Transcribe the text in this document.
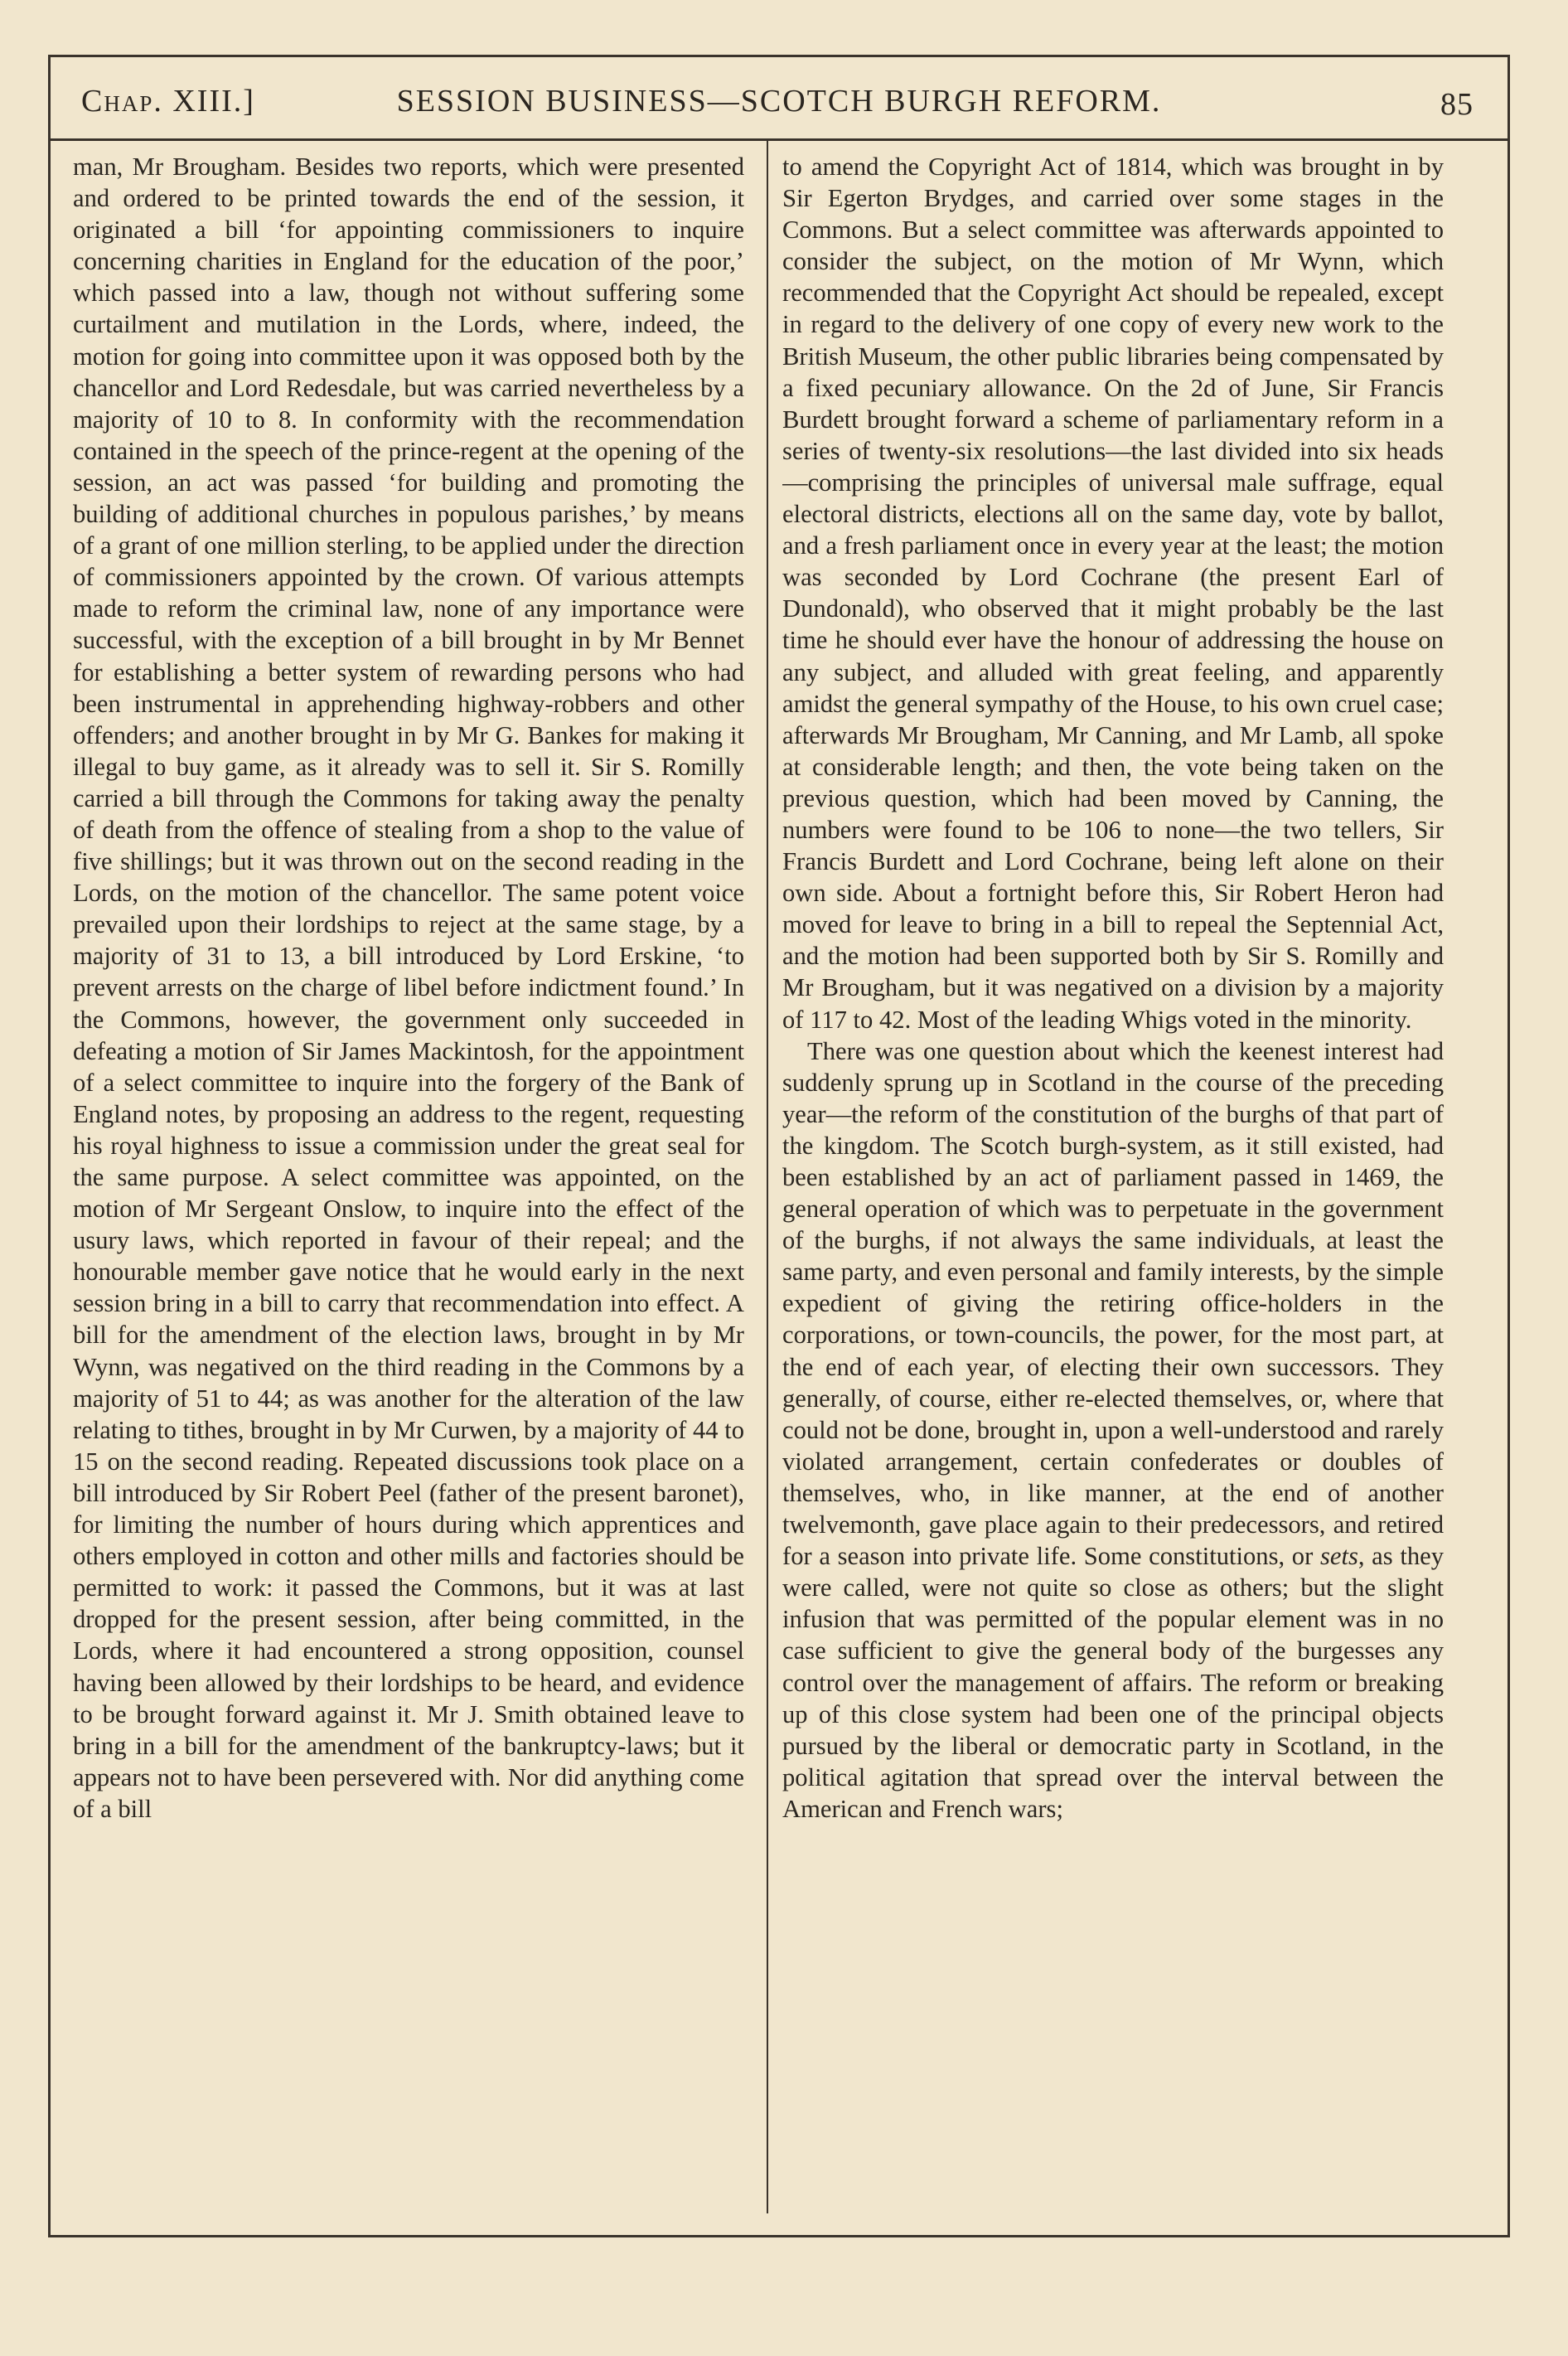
Chap. XIII.]	SESSION BUSINESS—SCOTCH BURGH REFORM.	85

man, Mr Brougham. Besides two reports, which were presented and ordered to be printed towards the end of the session, it originated a bill ‘for appointing commissioners to inquire concerning charities in England for the education of the poor,’ which passed into a law, though not without suffering some curtailment and mutilation in the Lords, where, indeed, the motion for going into committee upon it was opposed both by the chancellor and Lord Redesdale, but was carried nevertheless by a majority of 10 to 8. In conformity with the recommendation contained in the speech of the prince-regent at the opening of the session, an act was passed ‘for building and promoting the building of additional churches in populous parishes,’ by means of a grant of one million sterling, to be applied under the direction of commissioners appointed by the crown. Of various attempts made to reform the criminal law, none of any importance were successful, with the exception of a bill brought in by Mr Bennet for establishing a better system of rewarding persons who had been instrumental in apprehending highway-robbers and other offenders; and another brought in by Mr G. Bankes for making it illegal to buy game, as it already was to sell it. Sir S. Romilly carried a bill through the Commons for taking away the penalty of death from the offence of stealing from a shop to the value of five shillings; but it was thrown out on the second reading in the Lords, on the motion of the chancellor. The same potent voice prevailed upon their lordships to reject at the same stage, by a majority of 31 to 13, a bill introduced by Lord Erskine, ‘to prevent arrests on the charge of libel before indictment found.’ In the Commons, however, the government only succeeded in defeating a motion of Sir James Mackintosh, for the appointment of a select committee to inquire into the forgery of the Bank of England notes, by proposing an address to the regent, requesting his royal highness to issue a commission under the great seal for the same purpose. A select committee was appointed, on the motion of Mr Sergeant Onslow, to inquire into the effect of the usury laws, which reported in favour of their repeal; and the honourable member gave notice that he would early in the next session bring in a bill to carry that recommendation into effect. A bill for the amendment of the election laws, brought in by Mr Wynn, was negatived on the third reading in the Commons by a majority of 51 to 44; as was another for the alteration of the law relating to tithes, brought in by Mr Curwen, by a majority of 44 to 15 on the second reading. Repeated discussions took place on a bill introduced by Sir Robert Peel (father of the present baronet), for limiting the number of hours during which apprentices and others employed in cotton and other mills and factories should be permitted to work: it passed the Commons, but it was at last dropped for the present session, after being committed, in the Lords, where it had encountered a strong opposition, counsel having been allowed by their lordships to be heard, and evidence to be brought forward against it. Mr J. Smith obtained leave to bring in a bill for the amendment of the bankruptcy-laws; but it appears not to have been persevered with. Nor did anything come of a bill

to amend the Copyright Act of 1814, which was brought in by Sir Egerton Brydges, and carried over some stages in the Commons. But a select committee was afterwards appointed to consider the subject, on the motion of Mr Wynn, which recommended that the Copyright Act should be repealed, except in regard to the delivery of one copy of every new work to the British Museum, the other public libraries being compensated by a fixed pecuniary allowance. On the 2d of June, Sir Francis Burdett brought forward a scheme of parliamentary reform in a series of twenty-six resolutions—the last divided into six heads—comprising the principles of universal male suffrage, equal electoral districts, elections all on the same day, vote by ballot, and a fresh parliament once in every year at the least; the motion was seconded by Lord Cochrane (the present Earl of Dundonald), who observed that it might probably be the last time he should ever have the honour of addressing the house on any subject, and alluded with great feeling, and apparently amidst the general sympathy of the House, to his own cruel case; afterwards Mr Brougham, Mr Canning, and Mr Lamb, all spoke at considerable length; and then, the vote being taken on the previous question, which had been moved by Canning, the numbers were found to be 106 to none—the two tellers, Sir Francis Burdett and Lord Cochrane, being left alone on their own side. About a fortnight before this, Sir Robert Heron had moved for leave to bring in a bill to repeal the Septennial Act, and the motion had been supported both by Sir S. Romilly and Mr Brougham, but it was negatived on a division by a majority of 117 to 42. Most of the leading Whigs voted in the minority.

There was one question about which the keenest interest had suddenly sprung up in Scotland in the course of the preceding year—the reform of the constitution of the burghs of that part of the kingdom. The Scotch burgh-system, as it still existed, had been established by an act of parliament passed in 1469, the general operation of which was to perpetuate in the government of the burghs, if not always the same individuals, at least the same party, and even personal and family interests, by the simple expedient of giving the retiring office-holders in the corporations, or town-councils, the power, for the most part, at the end of each year, of electing their own successors. They generally, of course, either re-elected themselves, or, where that could not be done, brought in, upon a well-understood and rarely violated arrangement, certain confederates or doubles of themselves, who, in like manner, at the end of another twelvemonth, gave place again to their predecessors, and retired for a season into private life. Some constitutions, or sets, as they were called, were not quite so close as others; but the slight infusion that was permitted of the popular element was in no case sufficient to give the general body of the burgesses any control over the management of affairs. The reform or breaking up of this close system had been one of the principal objects pursued by the liberal or democratic party in Scotland, in the political agitation that spread over the interval between the American and French wars;
